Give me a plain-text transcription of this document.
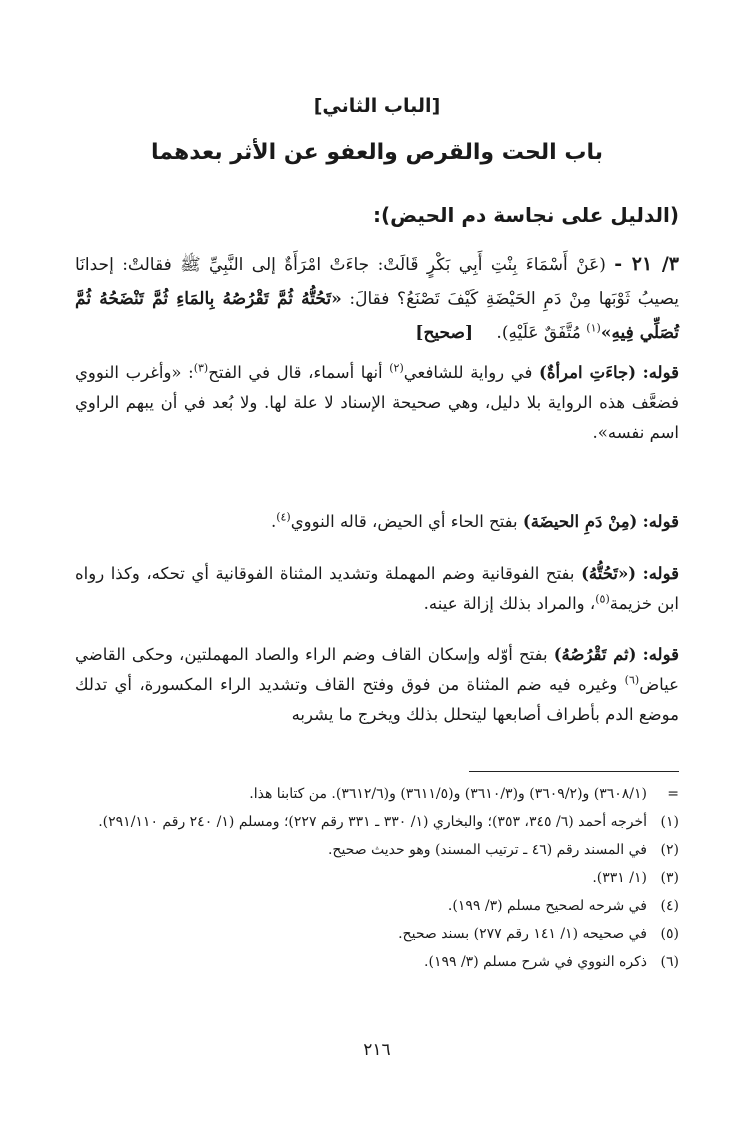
[الباب الثاني]
باب الحت والقرص والعفو عن الأثر بعدهما
(الدليل على نجاسة دم الحيض):
٣/ ٢١ - (عَنْ أَسْمَاءَ بِنْتِ أَبِي بَكْرٍ قَالَتْ: جاءَتْ امْرَأَةٌ إلى النَّبِيِّ ﷺ فقالتْ: إحدانَا يصيبُ ثَوْبَها مِنْ دَمِ الحَيْضَةِ كَيْفَ تَصْنَعُ؟ فقالَ: «تَحُتُّهُ ثُمَّ تَقْرُصُهُ بِالمَاءِ ثُمَّ تَنْضَحُهُ ثُمَّ تُصَلِّي فِيهِ»$^{(١)}$ مُتَّفَقٌ عَلَيْهِ). [صحيح]
قوله: (جاءَتِ امرأةٌ) في رواية للشافعي$^{(٢)}$ أنها أسماء، قال في الفتح$^{(٣)}$: «وأغرب النووي فضعَّف هذه الرواية بلا دليل، وهي صحيحة الإسناد لا علة لها. ولا بُعد في أن يبهم الراوي اسم نفسه».
قوله: (مِنْ دَمِ الحيضَة) بفتح الحاء أي الحيض، قاله النووي$^{(٤)}$.
قوله: («تَحُتُّهُ) بفتح الفوقانية وضم المهملة وتشديد المثناة الفوقانية أي تحكه، وكذا رواه ابن خزيمة$^{(٥)}$، والمراد بذلك إزالة عينه.
قوله: (ثم تَقْرُصُهُ) بفتح أوّله وإسكان القاف وضم الراء والصاد المهملتين، وحكى القاضي عياض$^{(٦)}$ وغيره فيه ضم المثناة من فوق وفتح القاف وتشديد الراء المكسورة، أي تدلك موضع الدم بأطراف أصابعها ليتحلل بذلك ويخرج ما يشربه
=
(٣٦٠٨/١) و(٣٦٠٩/٢) و(٣٦١٠/٣) و(٣٦١١/٥) و(٣٦١٢/٦). من كتابنا هذا.
(١)
أخرجه أحمد (٦/ ٣٤٥، ٣٥٣)؛ والبخاري (١/ ٣٣٠ ـ ٣٣١ رقم ٢٢٧)؛ ومسلم (١/ ٢٤٠ رقم ٢٩١/١١٠).
(٢)
في المسند رقم (٤٦ ـ ترتيب المسند) وهو حديث صحيح.
(٣)
(١/ ٣٣١).
(٤)
في شرحه لصحيح مسلم (٣/ ١٩٩).
(٥)
في صحيحه (١/ ١٤١ رقم ٢٧٧) بسند صحيح.
(٦)
ذكره النووي في شرح مسلم (٣/ ١٩٩).
٢١٦
